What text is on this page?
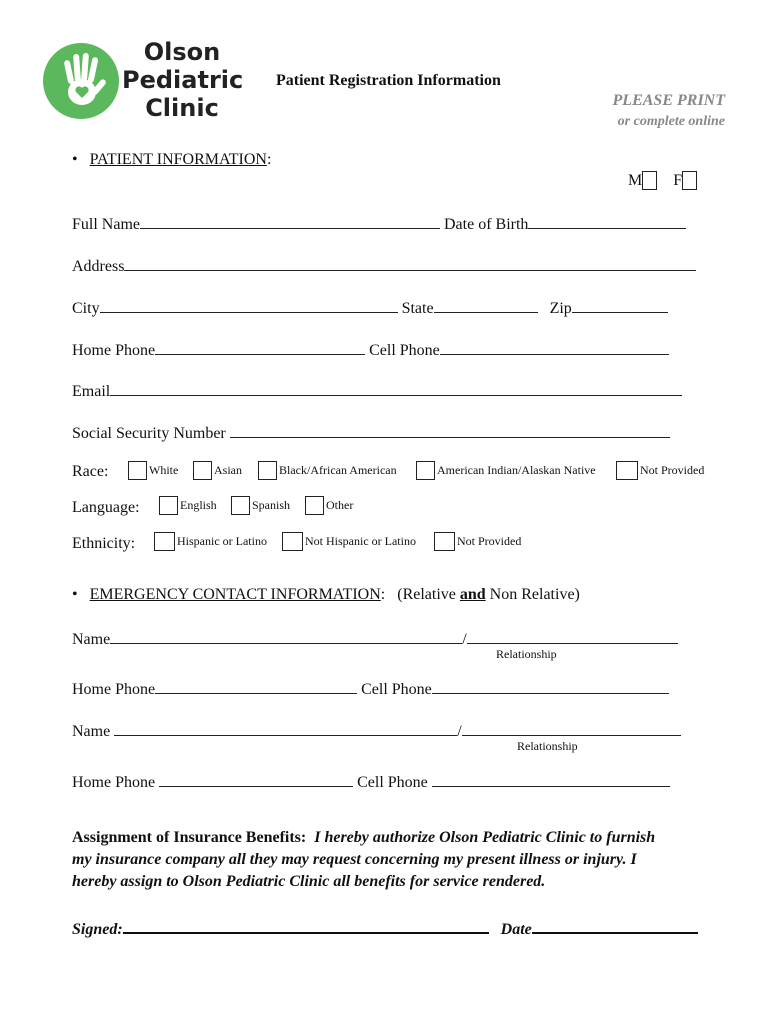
Olson
Pediatric
Clinic
Patient Registration Information
PLEASE PRINT
or complete online
• PATIENT INFORMATION:
M F
Full Name	Date of Birth
Address
City	State	Zip
Home Phone	Cell Phone
Email
Social Security Number
Race:	White	Asian	Black/African American	American Indian/Alaskan Native	Not Provided
Language:	English	Spanish	Other
Ethnicity:	Hispanic or Latino	Not Hispanic or Latino	Not Provided
• EMERGENCY CONTACT INFORMATION: (Relative and Non Relative)
Name	/
Relationship
Home Phone	Cell Phone
Name	/
Relationship
Home Phone	Cell Phone
Assignment of Insurance Benefits: I hereby authorize Olson Pediatric Clinic to furnish
my insurance company all they may request concerning my present illness or injury. I
hereby assign to Olson Pediatric Clinic all benefits for service rendered.
Signed:	Date
